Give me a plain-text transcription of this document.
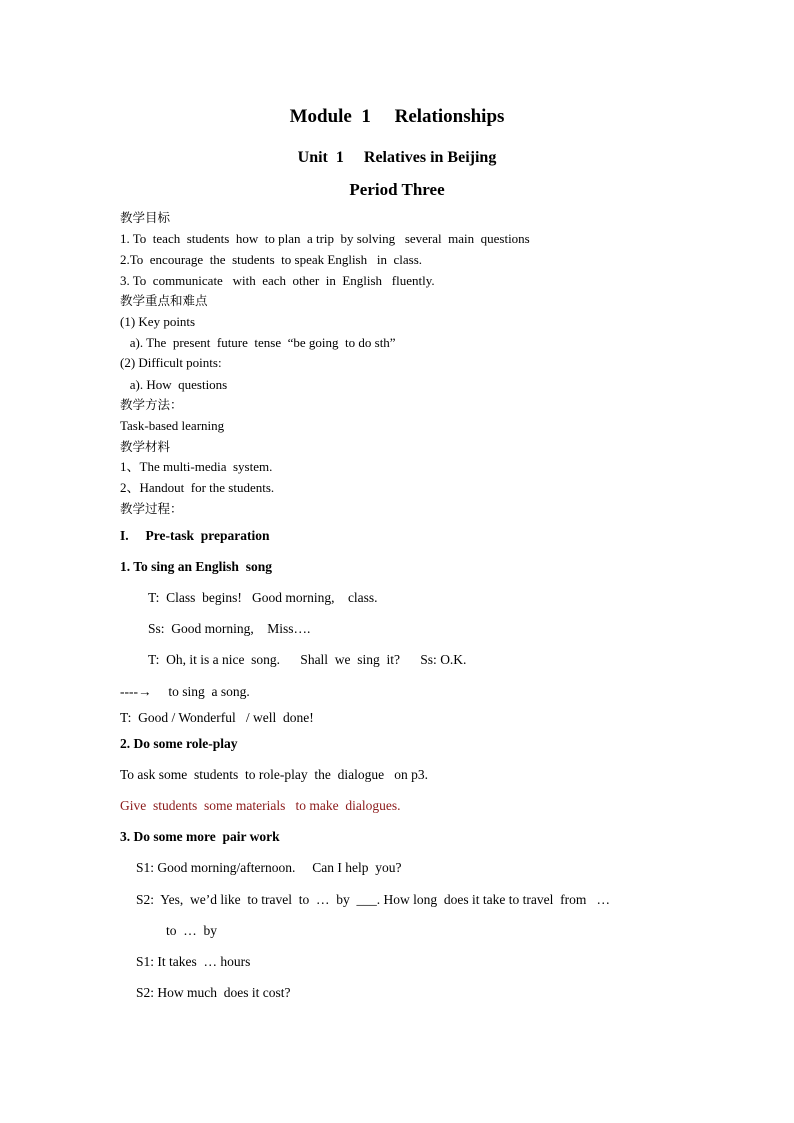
Module  1     Relationships
Unit  1     Relatives in Beijing
Period Three
教学目标
1. To  teach  students  how  to plan  a trip  by solving   several  main  questions
2.To  encourage  the  students  to speak English   in  class.
3. To  communicate   with  each  other  in  English   fluently.
教学重点和难点
(1) Key points
a). The  present  future  tense  “be going  to do sth”
(2) Difficult points:
a). How  questions
教学方法：
Task-based learning
教学材料
1、The multi-media  system.
2、Handout  for the students.
教学过程：
I.     Pre-task  preparation
1. To sing an English  song
T:  Class  begins!   Good morning,    class.
Ss:  Good morning,    Miss….
T:  Oh, it is a nice  song.      Shall  we  sing  it?      Ss: O.K.
----→     to sing  a song.
T:  Good / Wonderful   / well  done!
2. Do some role-play
To ask some  students  to role-play  the  dialogue   on p3.
Give  students  some materials   to make  dialogues.
3. Do some more  pair work
S1: Good morning/afternoon.     Can I help  you?
S2:  Yes,  we’d like  to travel  to  …  by  ___. How long  does it take to travel  from   …
to  …  by
S1: It takes  … hours
S2: How much  does it cost?
